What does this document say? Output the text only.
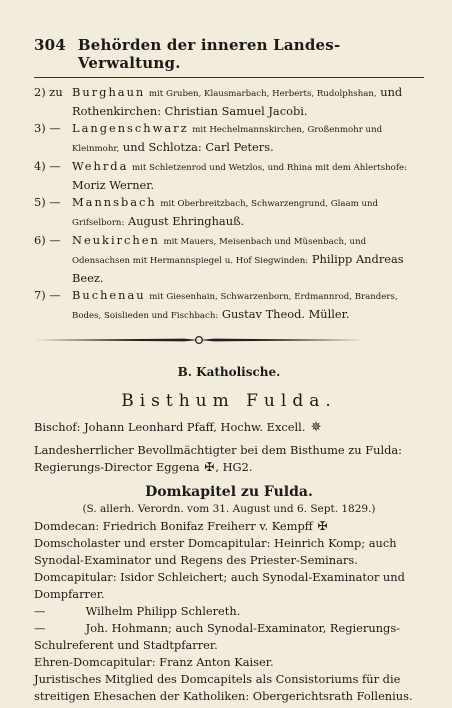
304 Behörden der inneren Landes-Verwaltung.
2) zu Burghaun mit Gruben, Klausmarbach, Herberts, Rudolphshan, und Rothenkirchen: Christian Samuel Jacobi.
3) — Langenschwarz mit Hechelmannskirchen, Großenmohr und Kleinmohr, und Schlotza: Carl Peters.
4) — Wehrda mit Schletzenrod und Wetzlos, und Rhina mit dem Ahlertshofe: Moriz Werner.
5) — Mannsbach mit Oberbreitzbach, Schwarzengrund, Glaam und Grifselborn: August Ehringhauß.
6) — Neukirchen mit Mauers, Meisenbach und Müsenbach, und Odensachsen mit Hermannspiegel u. Hof Siegwinden: Philipp Andreas Beez.
7) — Buchenau mit Giesenhain, Schwarzenborn, Erdmannrod, Branders, Bodes, Soislieden und Fischbach: Gustav Theod. Müller.
B. Katholische.
Bisthum Fulda.
Bischof: Johann Leonhard Pfaff, Hochw. Excell. ✵
Landesherrlicher Bevollmächtigter bei dem Bisthume zu Fulda: Regierungs-Director Eggena ✠, HG2.
Domkapitel zu Fulda.
(S. allerh. Verordn. vom 31. August und 6. Sept. 1829.)
Domdecan: Friedrich Bonifaz Freiherr v. Kempff ✠
Domscholaster und erster Domcapitular: Heinrich Komp; auch Synodal-Examinator und Regens des Priester-Seminars.
Domcapitular: Isidor Schleichert; auch Synodal-Examinator und Dompfarrer.
—	Wilhelm Philipp Schlereth.
—	Joh. Hohmann; auch Synodal-Examinator, Regierungs-Schulreferent und Stadtpfarrer.
Ehren-Domcapitular: Franz Anton Kaiser.
Juristisches Mitglied des Domcapitels als Consistoriums für die streitigen Ehesachen der Katholiken: Obergerichtsrath Follenius.
